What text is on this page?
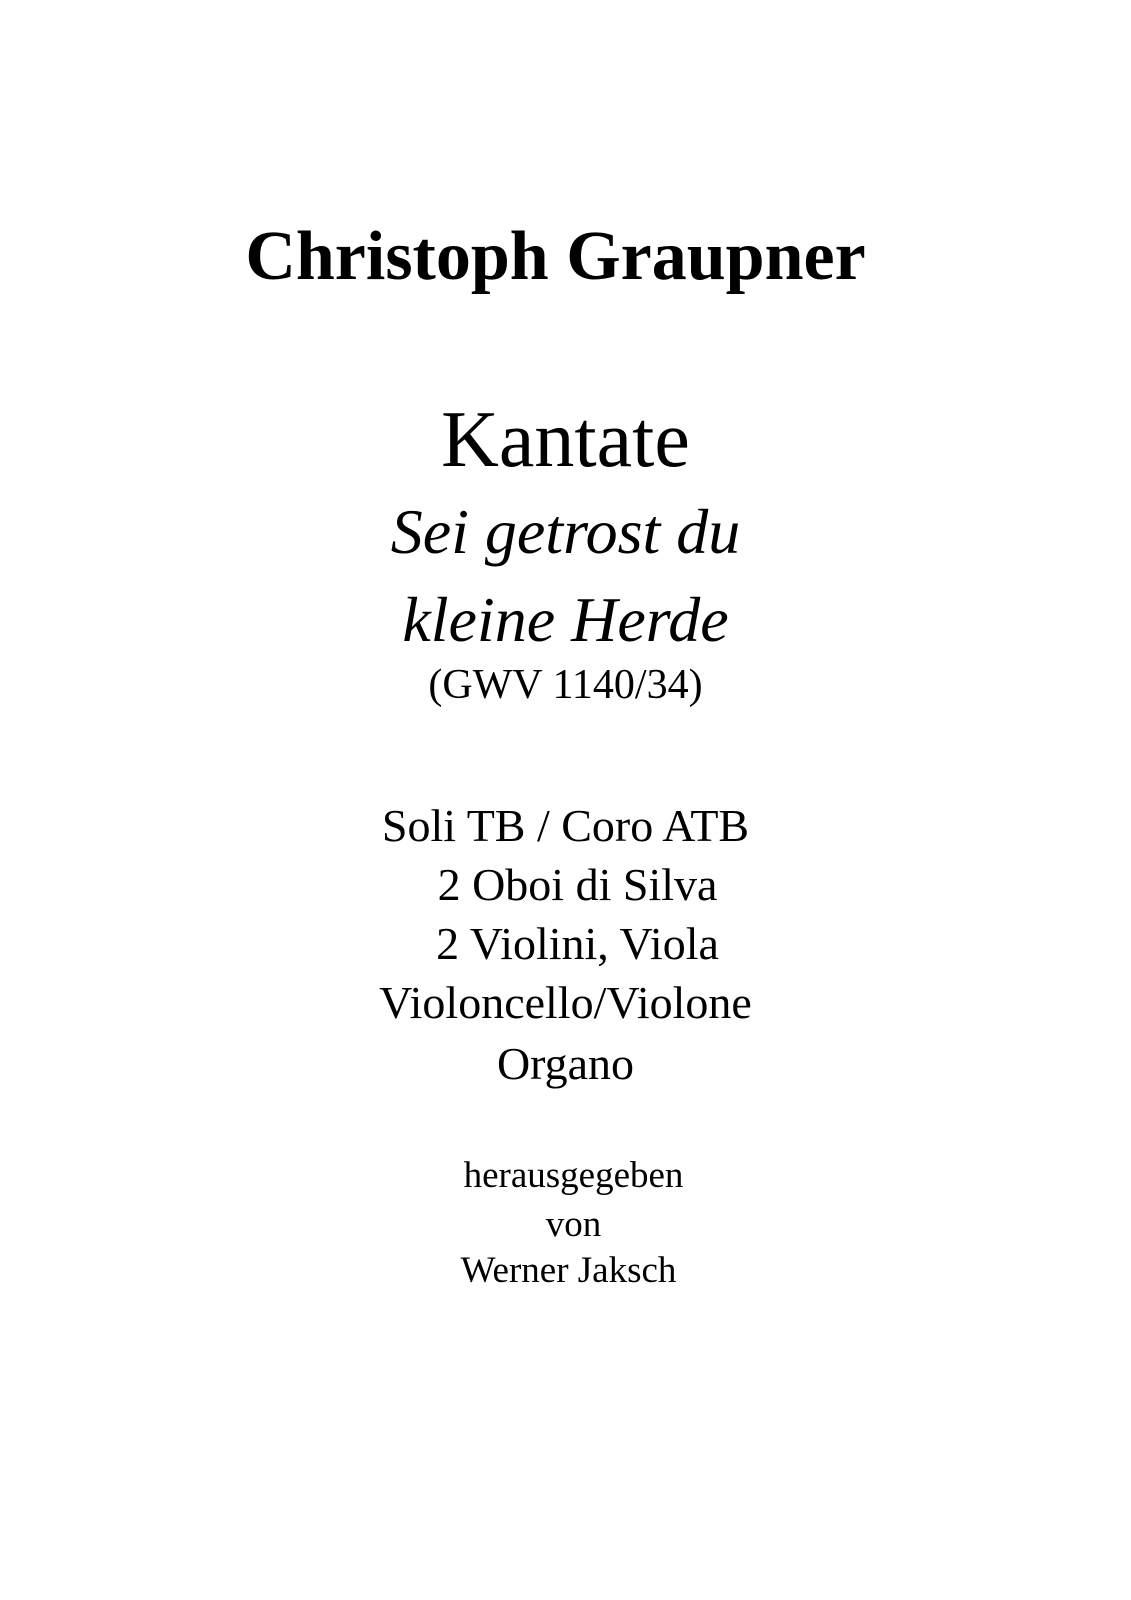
Christoph Graupner
Kantate
Sei getrost du
kleine Herde
(GWV 1140/34)
Soli TB / Coro ATB
2 Oboi di Silva
2 Violini, Viola
Violoncello/Violone
Organo
herausgegeben
von
Werner Jaksch
